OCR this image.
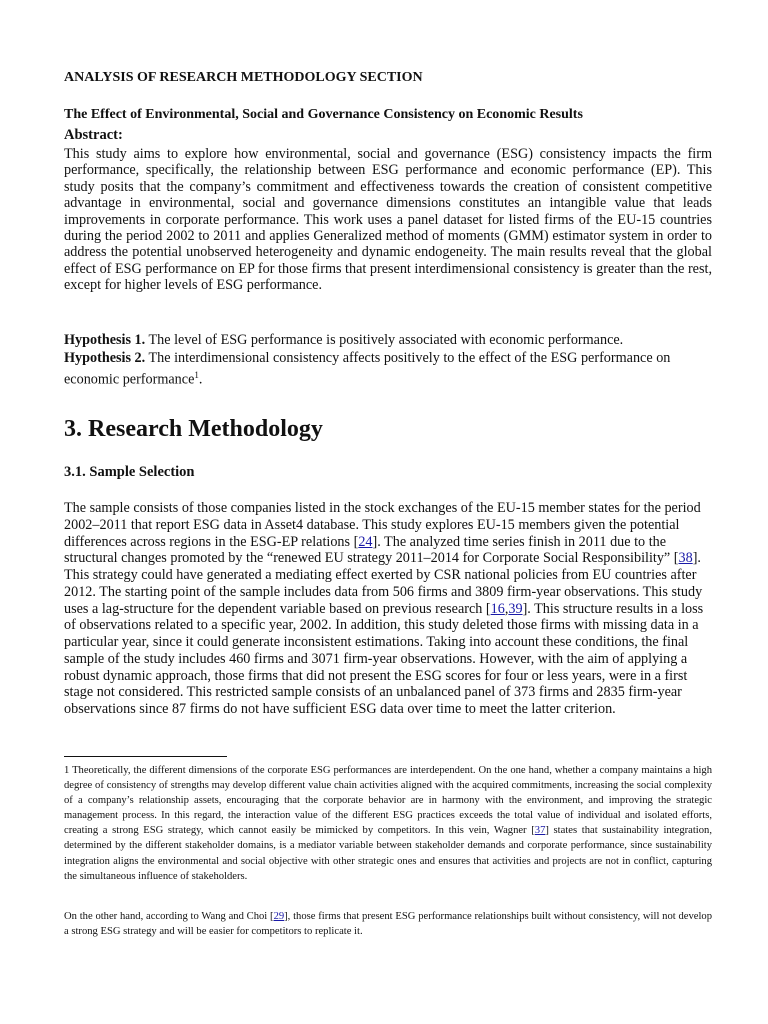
ANALYSIS OF RESEARCH METHODOLOGY SECTION
The Effect of Environmental, Social and Governance Consistency on Economic Results
Abstract:
This study aims to explore how environmental, social and governance (ESG) consistency impacts the firm performance, specifically, the relationship between ESG performance and economic performance (EP). This study posits that the company’s commitment and effectiveness towards the creation of consistent competitive advantage in environmental, social and governance dimensions constitutes an intangible value that leads improvements in corporate performance. This work uses a panel dataset for listed firms of the EU-15 countries during the period 2002 to 2011 and applies Generalized method of moments (GMM) estimator system in order to address the potential unobserved heterogeneity and dynamic endogeneity. The main results reveal that the global effect of ESG performance on EP for those firms that present interdimensional consistency is greater than the rest, except for higher levels of ESG performance.
Hypothesis 1. The level of ESG performance is positively associated with economic performance.
Hypothesis 2. The interdimensional consistency affects positively to the effect of the ESG performance on economic performance$^1$.
3. Research Methodology
3.1. Sample Selection
The sample consists of those companies listed in the stock exchanges of the EU-15 member states for the period 2002–2011 that report ESG data in Asset4 database. This study explores EU-15 members given the potential differences across regions in the ESG-EP relations [24]. The analyzed time series finish in 2011 due to the structural changes promoted by the “renewed EU strategy 2011–2014 for Corporate Social Responsibility” [38]. This strategy could have generated a mediating effect exerted by CSR national policies from EU countries after 2012. The starting point of the sample includes data from 506 firms and 3809 firm-year observations. This study uses a lag-structure for the dependent variable based on previous research [16,39]. This structure results in a loss of observations related to a specific year, 2002. In addition, this study deleted those firms with missing data in a particular year, since it could generate inconsistent estimations. Taking into account these conditions, the final sample of the study includes 460 firms and 3071 firm-year observations. However, with the aim of applying a robust dynamic approach, those firms that did not present the ESG scores for four or less years, were in a first stage not considered. This restricted sample consists of an unbalanced panel of 373 firms and 2835 firm-year observations since 87 firms do not have sufficient ESG data over time to meet the latter criterion.
1 Theoretically, the different dimensions of the corporate ESG performances are interdependent. On the one hand, whether a company maintains a high degree of consistency of strengths may develop different value chain activities aligned with the acquired commitments, increasing the social complexity of a company’s relationship assets, encouraging that the corporate behavior are in harmony with the environment, and improving the strategic management process. In this regard, the interaction value of the different ESG practices exceeds the total value of individual and isolated efforts, creating a strong ESG strategy, which cannot easily be mimicked by competitors. In this vein, Wagner [37] states that sustainability integration, determined by the different stakeholder domains, is a mediator variable between stakeholder demands and corporate performance, since sustainability integration aligns the environmental and social objective with other strategic ones and ensures that activities and projects are not in conflict, capturing the simultaneous influence of stakeholders.
On the other hand, according to Wang and Choi [29], those firms that present ESG performance relationships built without consistency, will not develop a strong ESG strategy and will be easier for competitors to replicate it.
